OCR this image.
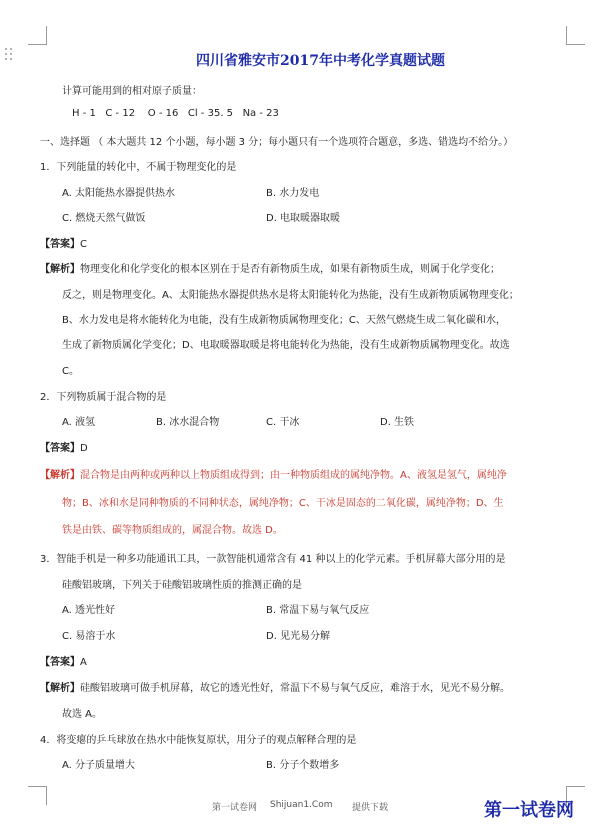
四川省雅安市2017年中考化学真题试题
计算可能用到的相对原子质量：
H - 1   C - 12    O - 16   Cl - 35. 5   Na - 23
一、选择题 （ 本大题共 12 个小题，每小题 3 分；每小题只有一个选项符合题意，多选、错选均不给分。）
1．下列能量的转化中，不属于物理变化的是
A. 太阳能热水器提供热水	B. 水力发电
C. 燃烧天然气做饭	D. 电取暖器取暖
【答案】C
【解析】物理变化和化学变化的根本区别在于是否有新物质生成，如果有新物质生成，则属于化学变化；
反之，则是物理变化。A、太阳能热水器提供热水是将太阳能转化为热能，没有生成新物质属物理变化；
B、水力发电是将水能转化为电能，没有生成新物质属物理变化；C、天然气燃烧生成二氧化碳和水，
生成了新物质属化学变化；D、电取暖器取暖是将电能转化为热能，没有生成新物质属物理变化。故选
C。
2．下列物质属于混合物的是
A. 液氢	B. 冰水混合物	C. 干冰	D. 生铁
【答案】D
【解析】混合物是由两种或两种以上物质组成得到；由一种物质组成的属纯净物。A、液氢是氢气，属纯净
物；B、冰和水是同种物质的不同种状态，属纯净物；C、干冰是固态的二氧化碳，属纯净物；D、生
铁是由铁、碳等物质组成的，属混合物。故选 D。
3．智能手机是一种多功能通讯工具，一款智能机通常含有 41 种以上的化学元素。手机屏幕大部分用的是
硅酸铝玻璃，下列关于硅酸铝玻璃性质的推测正确的是
A. 透光性好	B. 常温下易与氧气反应
C. 易溶于水	D. 见光易分解
【答案】A
【解析】硅酸铝玻璃可做手机屏幕，故它的透光性好，常温下不易与氧气反应，难溶于水，见光不易分解。
故选 A。
4．将变瘪的乒乓球放在热水中能恢复原状，用分子的观点解释合理的是
A. 分子质量增大	B. 分子个数增多
第一试卷网 Shijuan1.Com 提供下载	第一试卷网
